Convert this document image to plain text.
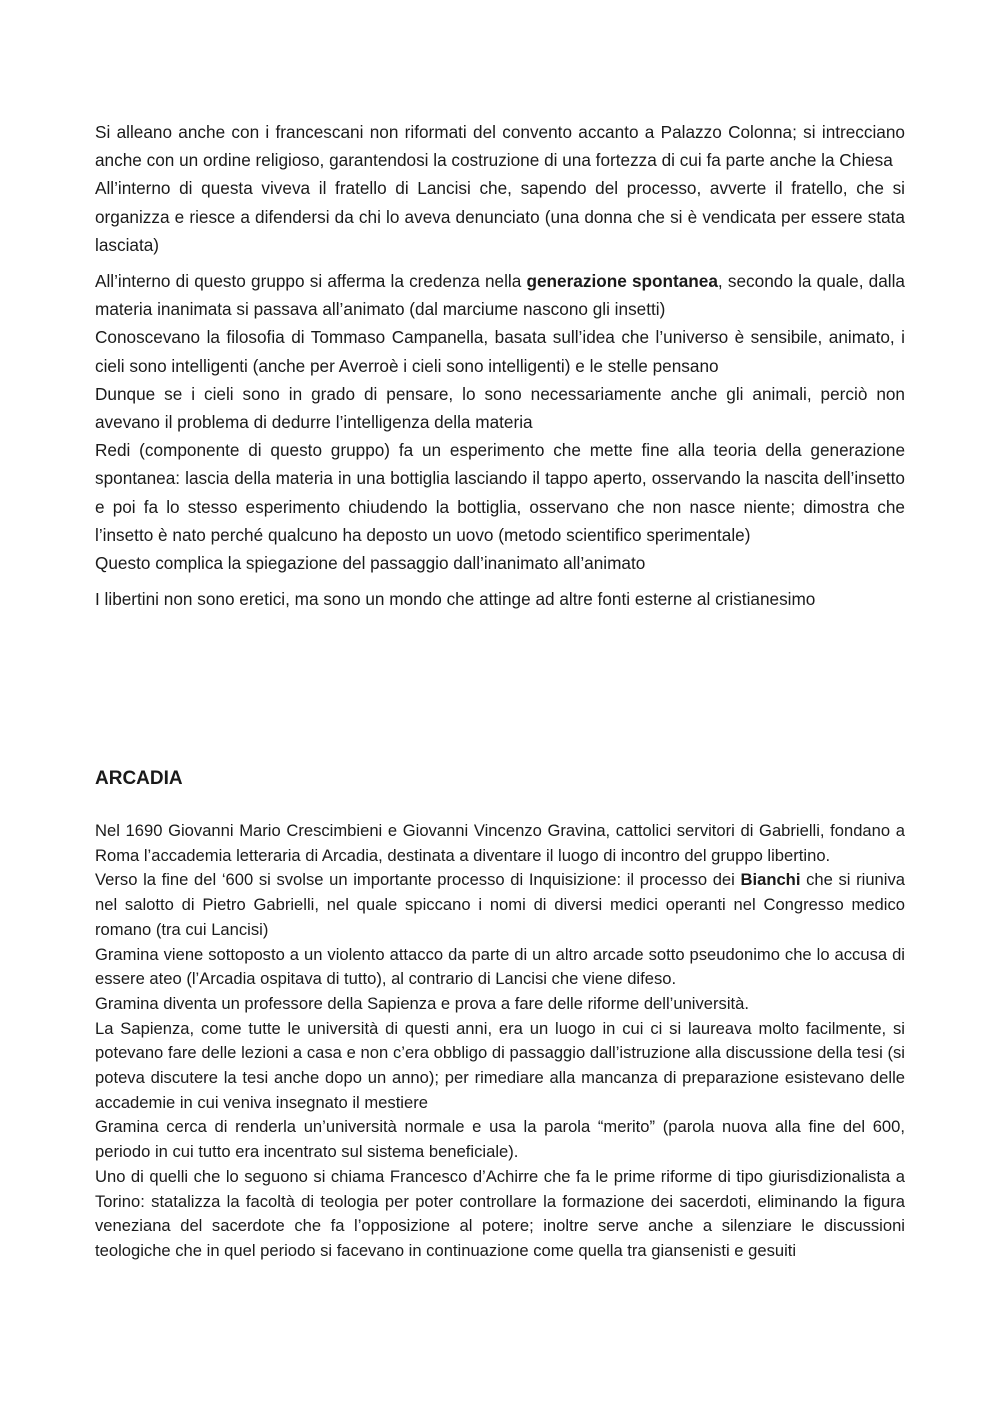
Si alleano anche con i francescani non riformati del convento accanto a Palazzo Colonna; si intrecciano anche con un ordine religioso, garantendosi la costruzione di una fortezza di cui fa parte anche la Chiesa

All’interno di questa viveva il fratello di Lancisi che, sapendo del processo, avverte il fratello, che si organizza e riesce a difendersi da chi lo aveva denunciato (una donna che si è vendicata per essere stata lasciata)

All’interno di questo gruppo si afferma la credenza nella generazione spontanea, secondo la quale, dalla materia inanimata si passava all’animato (dal marciume nascono gli insetti)

Conoscevano la filosofia di Tommaso Campanella, basata sull’idea che l’universo è sensibile, animato, i cieli sono intelligenti (anche per Averroè i cieli sono intelligenti) e le stelle pensano

Dunque se i cieli sono in grado di pensare, lo sono necessariamente anche gli animali, perciò non avevano il problema di dedurre l’intelligenza della materia

Redi (componente di questo gruppo) fa un esperimento che mette fine alla teoria della generazione spontanea: lascia della materia in una bottiglia lasciando il tappo aperto, osservando la nascita dell’insetto e poi fa lo stesso esperimento chiudendo la bottiglia, osservano che non nasce niente; dimostra che l’insetto è nato perché qualcuno ha deposto un uovo (metodo scientifico sperimentale)

Questo complica la spiegazione del passaggio dall’inanimato all’animato

I libertini non sono eretici, ma sono un mondo che attinge ad altre fonti esterne al cristianesimo

ARCADIA

Nel 1690 Giovanni Mario Crescimbieni e Giovanni Vincenzo Gravina, cattolici servitori di Gabrielli, fondano a Roma l’accademia letteraria di Arcadia, destinata a diventare il luogo di incontro del gruppo libertino.

Verso la fine del ‘600 si svolse un importante processo di Inquisizione: il processo dei Bianchi che si riuniva nel salotto di Pietro Gabrielli, nel quale spiccano i nomi di diversi medici operanti nel Congresso medico romano (tra cui Lancisi)

Gramina viene sottoposto a un violento attacco da parte di un altro arcade sotto pseudonimo che lo accusa di essere ateo (l’Arcadia ospitava di tutto), al contrario di Lancisi che viene difeso.

Gramina diventa un professore della Sapienza e prova a fare delle riforme dell’università.

La Sapienza, come tutte le università di questi anni, era un luogo in cui ci si laureava molto facilmente, si potevano fare delle lezioni a casa e non c’era obbligo di passaggio dall’istruzione alla discussione della tesi (si poteva discutere la tesi anche dopo un anno); per rimediare alla mancanza di preparazione esistevano delle accademie in cui veniva insegnato il mestiere

Gramina cerca di renderla un’università normale e usa la parola “merito” (parola nuova alla fine del 600, periodo in cui tutto era incentrato sul sistema beneficiale).

Uno di quelli che lo seguono si chiama Francesco d’Achirre che fa le prime riforme di tipo giurisdizionalista a Torino: statalizza la facoltà di teologia per poter controllare la formazione dei sacerdoti, eliminando la figura veneziana del sacerdote che fa l’opposizione al potere; inoltre serve anche a silenziare le discussioni teologiche che in quel periodo si facevano in continuazione come quella tra giansenisti e gesuiti
